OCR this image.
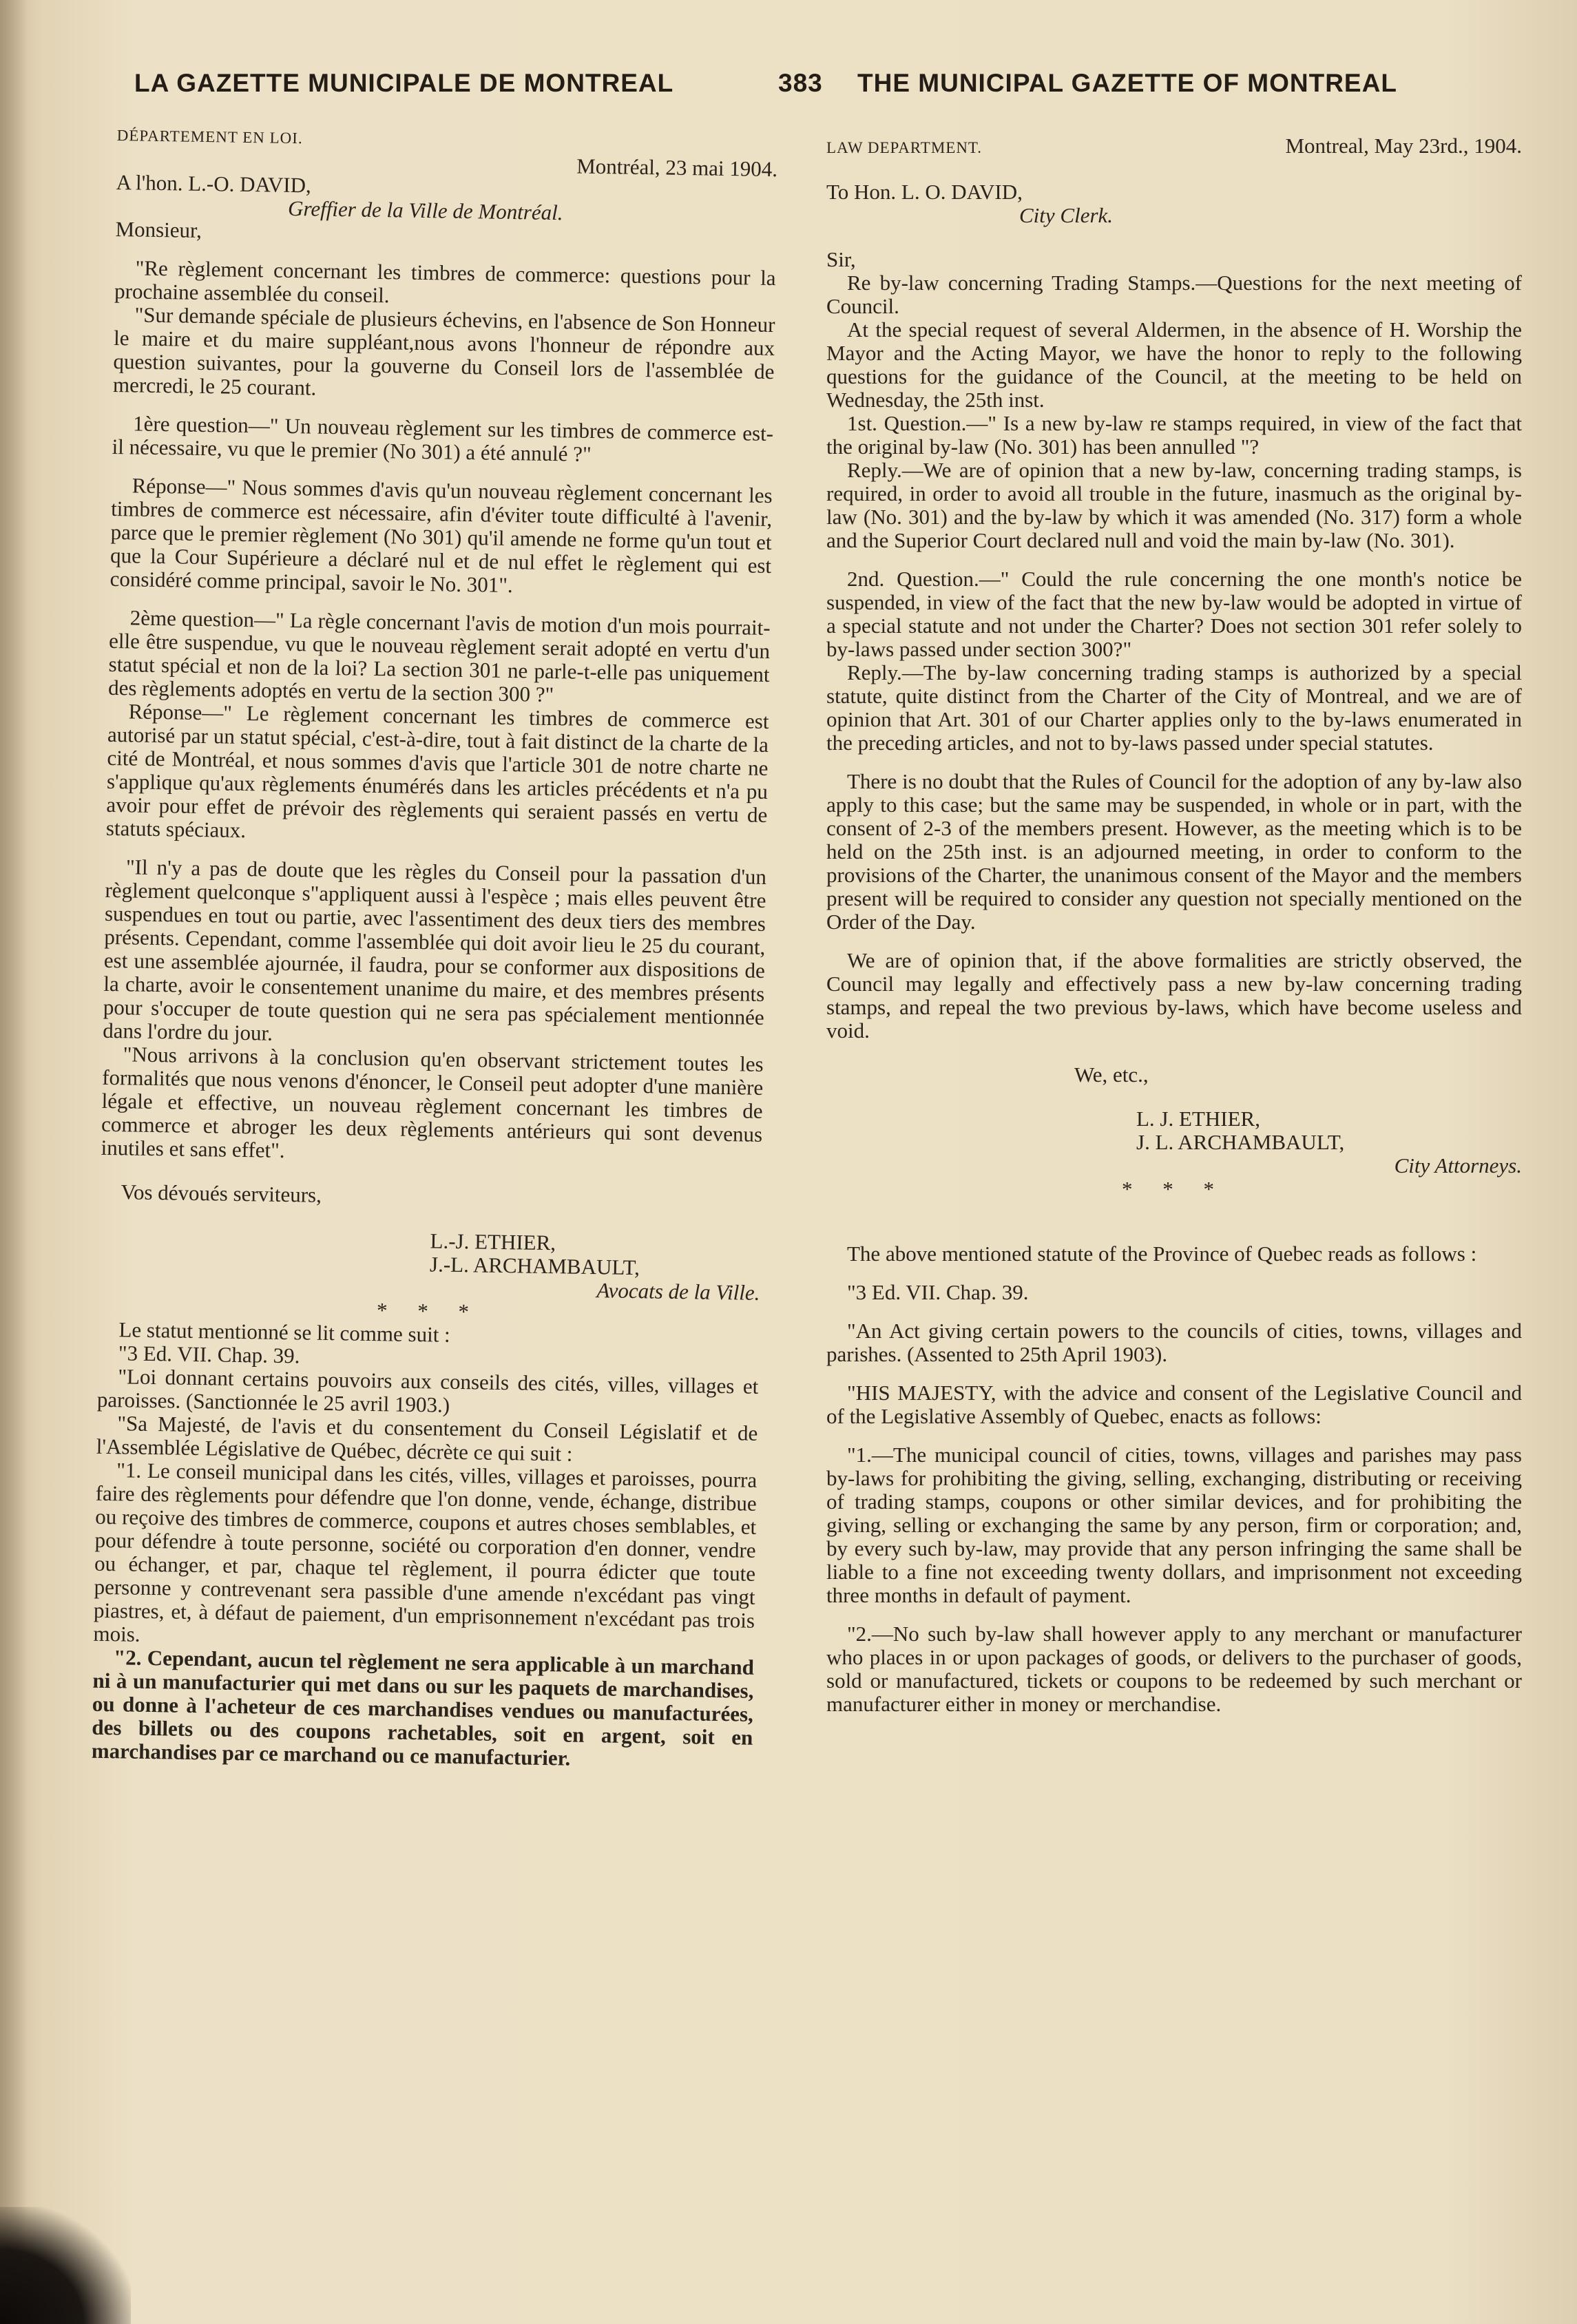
LA GAZETTE MUNICIPALE DE MONTREAL	383 THE MUNICIPAL GAZETTE OF MONTREAL
DÉPARTEMENT EN LOI.

Montréal, 23 mai 1904.

A l'hon. L.-O. DAVID,

Greffier de la Ville de Montréal.

Monsieur,

"Re règlement concernant les timbres de commerce: questions pour la prochaine assemblée du conseil.

"Sur demande spéciale de plusieurs échevins, en l'absence de Son Honneur le maire et du maire suppléant,nous avons l'honneur de répondre aux question suivantes, pour la gouverne du Conseil lors de l'assemblée de mercredi, le 25 courant.

1ère question—" Un nouveau règlement sur les timbres de commerce est-il nécessaire, vu que le premier (No 301) a été annulé ?"

Réponse—" Nous sommes d'avis qu'un nouveau règlement concernant les timbres de commerce est nécessaire, afin d'éviter toute difficulté à l'avenir, parce que le premier règlement (No 301) qu'il amende ne forme qu'un tout et que la Cour Supérieure a déclaré nul et de nul effet le règlement qui est considéré comme principal, savoir le No. 301".

2ème question—" La règle concernant l'avis de motion d'un mois pourrait-elle être suspendue, vu que le nouveau règlement serait adopté en vertu d'un statut spécial et non de la loi? La section 301 ne parle-t-elle pas uniquement des règlements adoptés en vertu de la section 300 ?"

Réponse—" Le règlement concernant les timbres de commerce est autorisé par un statut spécial, c'est-à-dire, tout à fait distinct de la charte de la cité de Montréal, et nous sommes d'avis que l'article 301 de notre charte ne s'applique qu'aux règlements énumérés dans les articles précédents et n'a pu avoir pour effet de prévoir des règlements qui seraient passés en vertu de statuts spéciaux.

"Il n'y a pas de doute que les règles du Conseil pour la passation d'un règlement quelconque s"appliquent aussi à l'espèce ; mais elles peuvent être suspendues en tout ou partie, avec l'assentiment des deux tiers des membres présents. Cependant, comme l'assemblée qui doit avoir lieu le 25 du courant, est une assemblée ajournée, il faudra, pour se conformer aux dispositions de la charte, avoir le consentement unanime du maire, et des membres présents pour s'occuper de toute question qui ne sera pas spécialement mentionnée dans l'ordre du jour.

"Nous arrivons à la conclusion qu'en observant strictement toutes les formalités que nous venons d'énoncer, le Conseil peut adopter d'une manière légale et effective, un nouveau règlement concernant les timbres de commerce et abroger les deux règlements antérieurs qui sont devenus inutiles et sans effet".

Vos dévoués serviteurs,

L.-J. ETHIER,

J.-L. ARCHAMBAULT,

Avocats de la Ville.

* * *

Le statut mentionné se lit comme suit :

"3 Ed. VII. Chap. 39.

"Loi donnant certains pouvoirs aux conseils des cités, villes, villages et paroisses. (Sanctionnée le 25 avril 1903.)

"Sa Majesté, de l'avis et du consentement du Conseil Législatif et de l'Assemblée Législative de Québec, décrète ce qui suit :

"1. Le conseil municipal dans les cités, villes, villages et paroisses, pourra faire des règlements pour défendre que l'on donne, vende, échange, distribue ou reçoive des timbres de commerce, coupons et autres choses semblables, et pour défendre à toute personne, société ou corporation d'en donner, vendre ou échanger, et par, chaque tel règlement, il pourra édicter que toute personne y contrevenant sera passible d'une amende n'excédant pas vingt piastres, et, à défaut de paiement, d'un emprisonnement n'excédant pas trois mois.

"2. Cependant, aucun tel règlement ne sera applicable à un marchand ni à un manufacturier qui met dans ou sur les paquets de marchandises, ou donne à l'acheteur de ces marchandises vendues ou manufacturées, des billets ou des coupons rachetables, soit en argent, soit en marchandises par ce marchand ou ce manufacturier.

LAW DEPARTMENT.	Montreal, May 23rd., 1904.

To Hon. L. O. DAVID,

City Clerk.

Sir,

Re by-law concerning Trading Stamps.—Questions for the next meeting of Council.

At the special request of several Aldermen, in the absence of H. Worship the Mayor and the Acting Mayor, we have the honor to reply to the following questions for the guidance of the Council, at the meeting to be held on Wednesday, the 25th inst.

1st. Question.—" Is a new by-law re stamps required, in view of the fact that the original by-law (No. 301) has been annulled "?

Reply.—We are of opinion that a new by-law, concerning trading stamps, is required, in order to avoid all trouble in the future, inasmuch as the original by-law (No. 301) and the by-law by which it was amended (No. 317) form a whole and the Superior Court declared null and void the main by-law (No. 301).

2nd. Question.—" Could the rule concerning the one month's notice be suspended, in view of the fact that the new by-law would be adopted in virtue of a special statute and not under the Charter? Does not section 301 refer solely to by-laws passed under section 300?"

Reply.—The by-law concerning trading stamps is authorized by a special statute, quite distinct from the Charter of the City of Montreal, and we are of opinion that Art. 301 of our Charter applies only to the by-laws enumerated in the preceding articles, and not to by-laws passed under special statutes.

There is no doubt that the Rules of Council for the adoption of any by-law also apply to this case; but the same may be suspended, in whole or in part, with the consent of 2-3 of the members present. However, as the meeting which is to be held on the 25th inst. is an adjourned meeting, in order to conform to the provisions of the Charter, the unanimous consent of the Mayor and the members present will be required to consider any question not specially mentioned on the Order of the Day.

We are of opinion that, if the above formalities are strictly observed, the Council may legally and effectively pass a new by-law concerning trading stamps, and repeal the two previous by-laws, which have become useless and void.

We, etc.,

L. J. ETHIER,

J. L. ARCHAMBAULT,

City Attorneys.

* * *

The above mentioned statute of the Province of Quebec reads as follows :

"3 Ed. VII. Chap. 39.

"An Act giving certain powers to the councils of cities, towns, villages and parishes. (Assented to 25th April 1903).

"HIS MAJESTY, with the advice and consent of the Legislative Council and of the Legislative Assembly of Quebec, enacts as follows:

"1.—The municipal council of cities, towns, villages and parishes may pass by-laws for prohibiting the giving, selling, exchanging, distributing or receiving of trading stamps, coupons or other similar devices, and for prohibiting the giving, selling or exchanging the same by any person, firm or corporation; and, by every such by-law, may provide that any person infringing the same shall be liable to a fine not exceeding twenty dollars, and imprisonment not exceeding three months in default of payment.

"2.—No such by-law shall however apply to any merchant or manufacturer who places in or upon packages of goods, or delivers to the purchaser of goods, sold or manufactured, tickets or coupons to be redeemed by such merchant or manufacturer either in money or merchandise.
